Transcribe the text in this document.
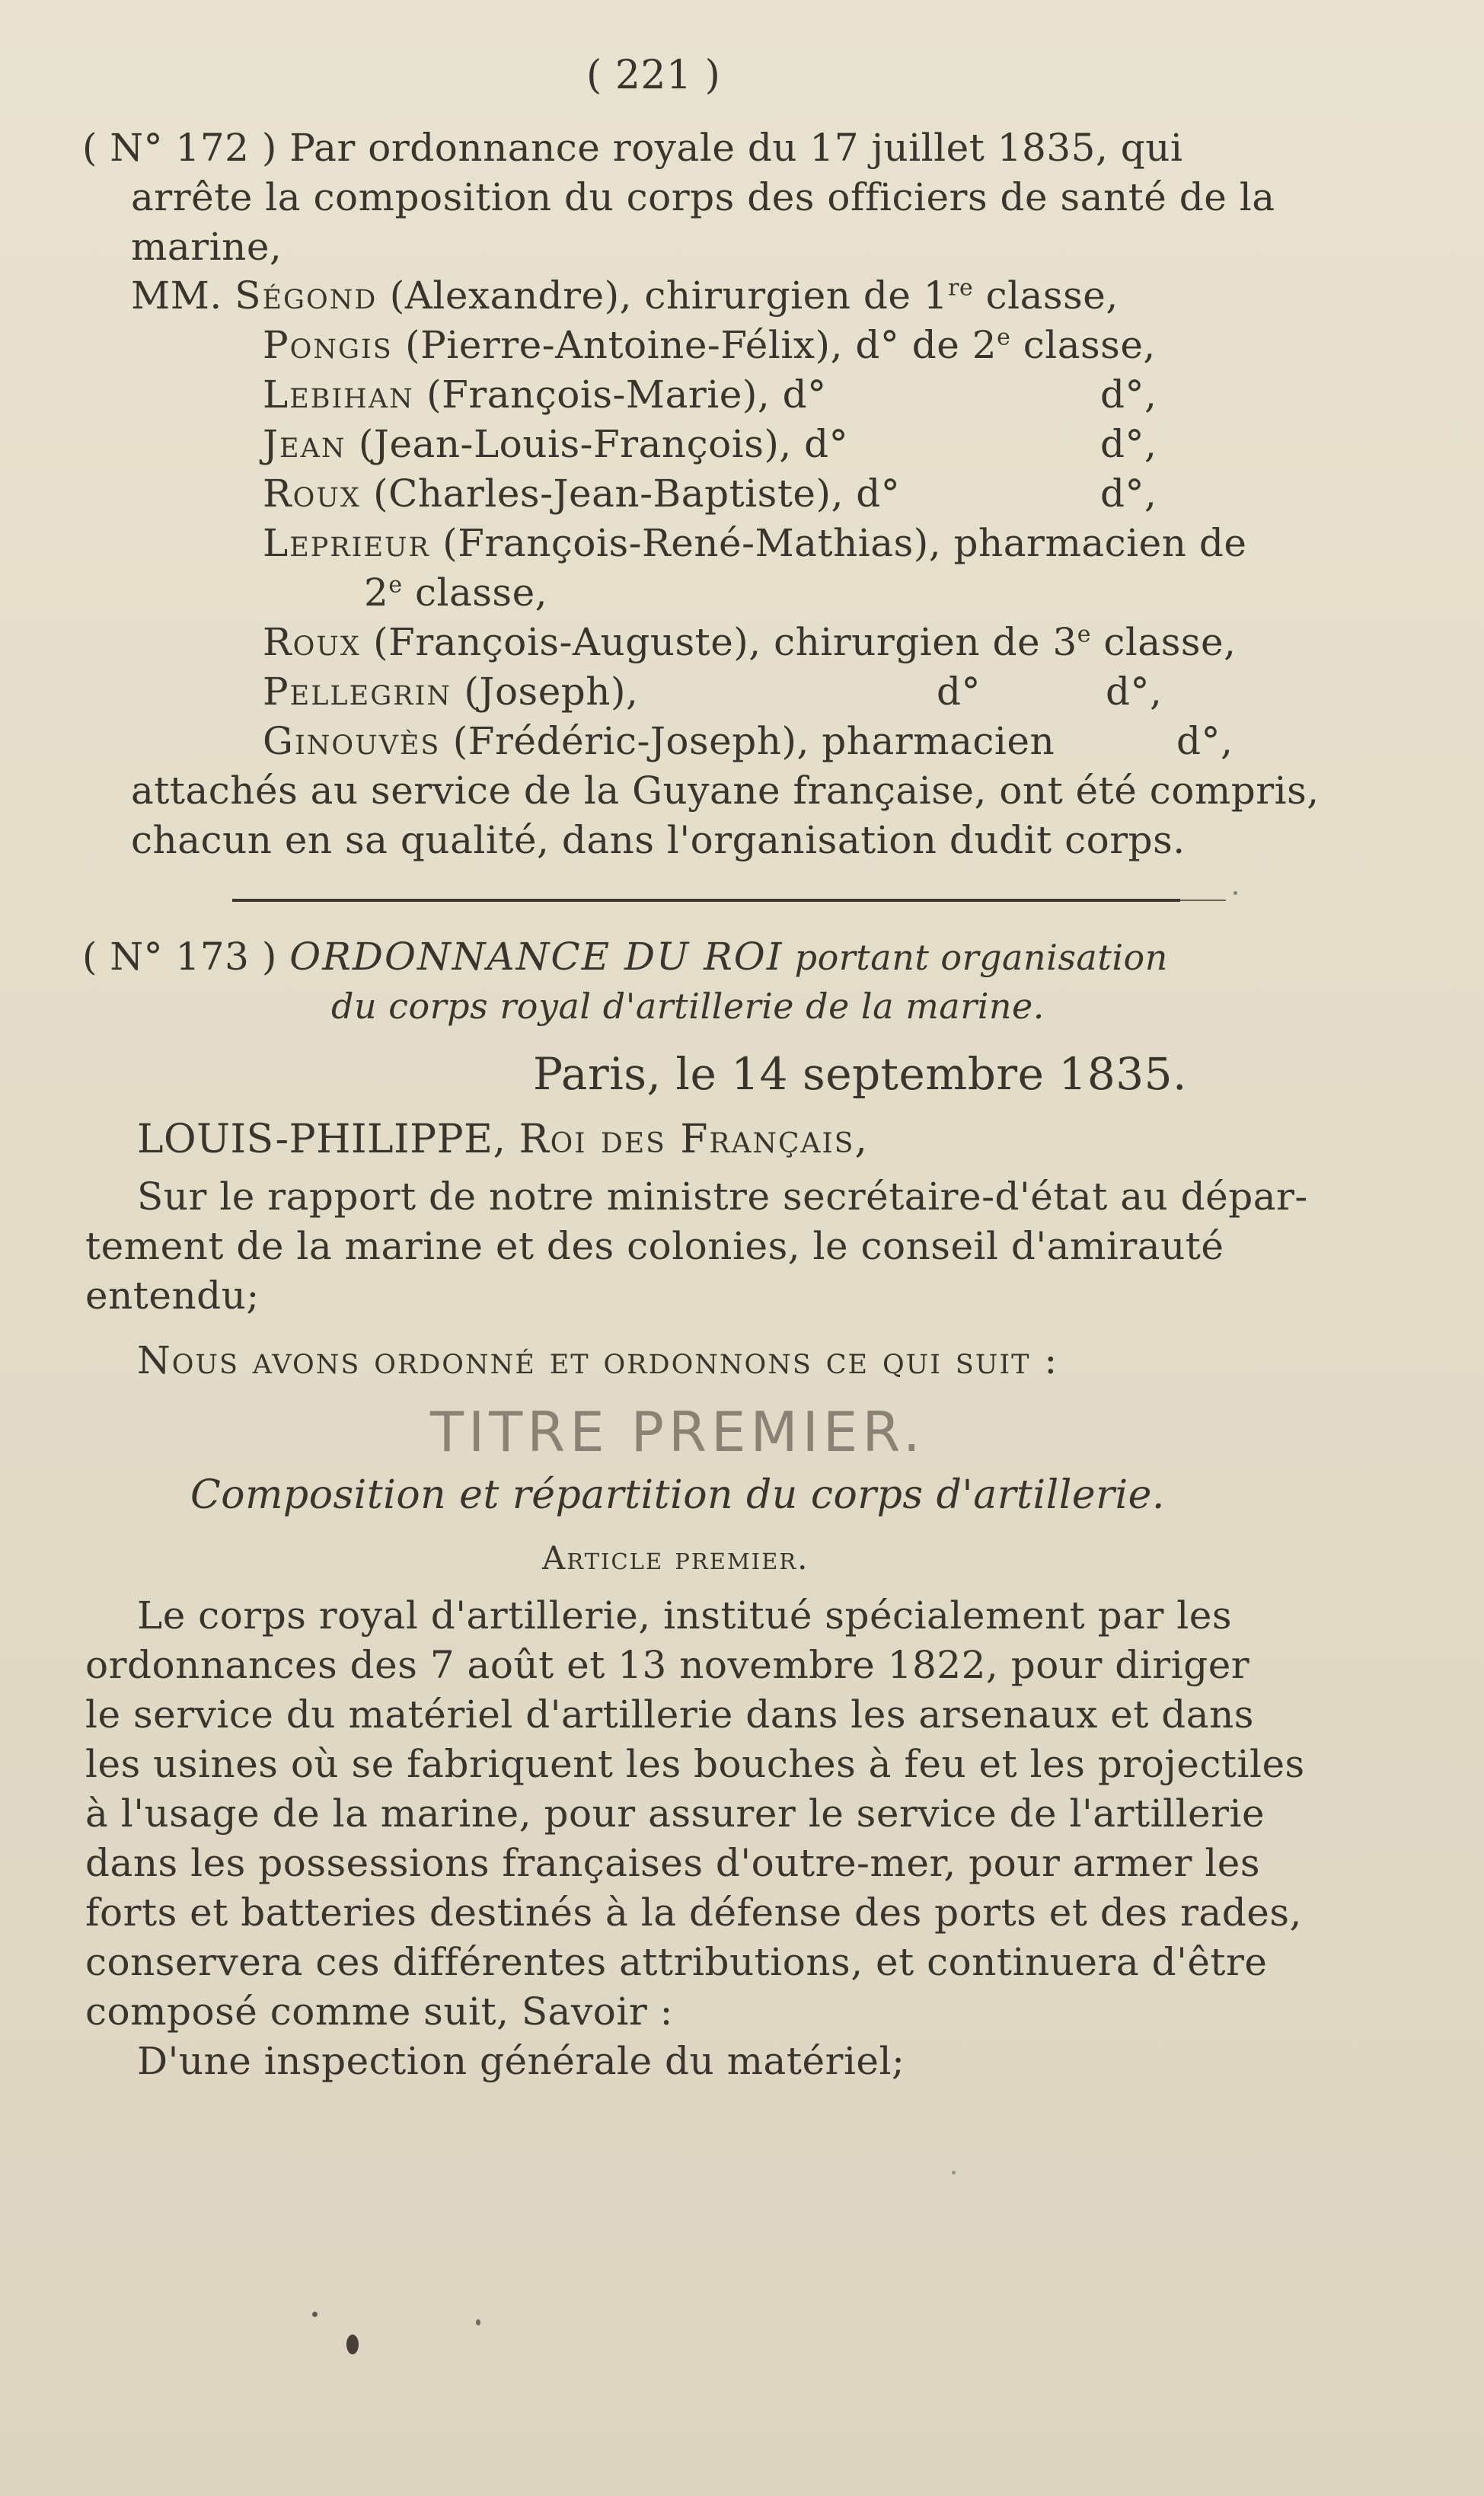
( 221 )
( N° 172 ) Par ordonnance royale du 17 juillet 1835, qui
arrête la composition du corps des officiers de santé de la
marine,
MM. Ségond (Alexandre), chirurgien de 1re classe,
Pongis (Pierre-Antoine-Félix), d° de 2e classe,
Lebihan (François-Marie), d°	d°,
Jean (Jean-Louis-François), d°	d°,
Roux (Charles-Jean-Baptiste), d°	d°,
Leprieur (François-René-Mathias), pharmacien de
2e classe,
Roux (François-Auguste), chirurgien de 3e classe,
Pellegrin (Joseph),	d°          d°,
Ginouvès (Frédéric-Joseph), pharmacien	d°,
attachés au service de la Guyane française, ont été compris,
chacun en sa qualité, dans l'organisation dudit corps.
( N° 173 ) ORDONNANCE DU ROI portant organisation
du corps royal d'artillerie de la marine.
Paris, le 14 septembre 1835.
LOUIS-PHILIPPE, Roi des Français,
Sur le rapport de notre ministre secrétaire-d'état au dépar-
tement de la marine et des colonies, le conseil d'amirauté
entendu;
Nous avons ordonné et ordonnons ce qui suit :
TITRE PREMIER.
Composition et répartition du corps d'artillerie.
Article premier.
Le corps royal d'artillerie, institué spécialement par les
ordonnances des 7 août et 13 novembre 1822, pour diriger
le service du matériel d'artillerie dans les arsenaux et dans
les usines où se fabriquent les bouches à feu et les projectiles
à l'usage de la marine, pour assurer le service de l'artillerie
dans les possessions françaises d'outre-mer, pour armer les
forts et batteries destinés à la défense des ports et des rades,
conservera ces différentes attributions, et continuera d'être
composé comme suit, Savoir :
D'une inspection générale du matériel;
